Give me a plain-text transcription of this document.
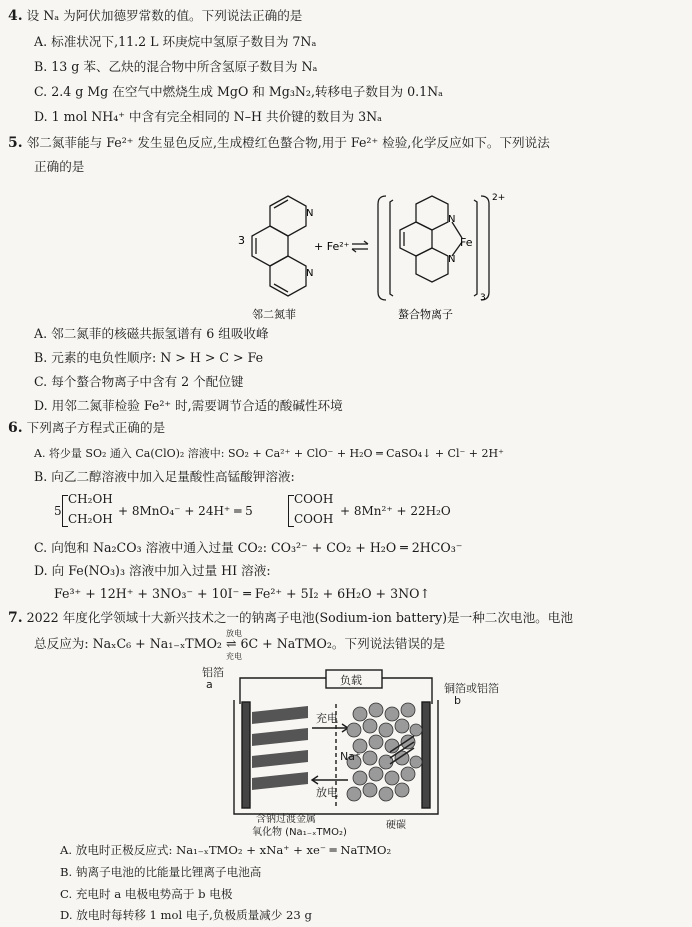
4. 设 Nₐ 为阿伏加德罗常数的值。下列说法正确的是
A. 标准状况下,11.2 L 环庚烷中氢原子数目为 7Nₐ
B. 13 g 苯、乙炔的混合物中所含氢原子数目为 Nₐ
C. 2.4 g Mg 在空气中燃烧生成 MgO 和 Mg₃N₂,转移电子数目为 0.1Nₐ
D. 1 mol NH₄⁺ 中含有完全相同的 N–H 共价键的数目为 3Nₐ
5. 邻二氮菲能与 Fe²⁺ 发生显色反应,生成橙红色螯合物,用于 Fe²⁺ 检验,化学反应如下。下列说法
正确的是
3
N
N
+ Fe²⁺
N
N
Fe
2+
3
邻二氮菲	螯合物离子
A. 邻二氮菲的核磁共振氢谱有 6 组吸收峰
B. 元素的电负性顺序: N > H > C > Fe
C. 每个螯合物离子中含有 2 个配位键
D. 用邻二氮菲检验 Fe²⁺ 时,需要调节合适的酸碱性环境
6. 下列离子方程式正确的是
A. 将少量 SO₂ 通入 Ca(ClO)₂ 溶液中: SO₂ + Ca²⁺ + ClO⁻ + H₂O ═ CaSO₄↓ + Cl⁻ + 2H⁺
B. 向乙二醇溶液中加入足量酸性高锰酸钾溶液:
5
CH₂OH
CH₂OH
+ 8MnO₄⁻ + 24H⁺ ═ 5
COOH
COOH
+ 8Mn²⁺ + 22H₂O
C. 向饱和 Na₂CO₃ 溶液中通入过量 CO₂: CO₃²⁻ + CO₂ + H₂O ═ 2HCO₃⁻
D. 向 Fe(NO₃)₃ 溶液中加入过量 HI 溶液:
Fe³⁺ + 12H⁺ + 3NO₃⁻ + 10I⁻ ═ Fe²⁺ + 5I₂ + 6H₂O + 3NO↑
7. 2022 年度化学领域十大新兴技术之一的钠离子电池(Sodium-ion battery)是一种二次电池。电池
总反应为: NaₓC₆ + Na₁₋ₓTMO₂ ⇌ 6C + NaTMO₂。下列说法错误的是
放电
充电
负载
铝箔
a	铜箔或铝箔
b
充电
Na⁺
放电
含钠过渡金属
氧化物 (Na₁₋ₓTMO₂)
硬碳
A. 放电时正极反应式: Na₁₋ₓTMO₂ + xNa⁺ + xe⁻ ═ NaTMO₂
B. 钠离子电池的比能量比锂离子电池高
C. 充电时 a 电极电势高于 b 电极
D. 放电时每转移 1 mol 电子,负极质量减少 23 g
